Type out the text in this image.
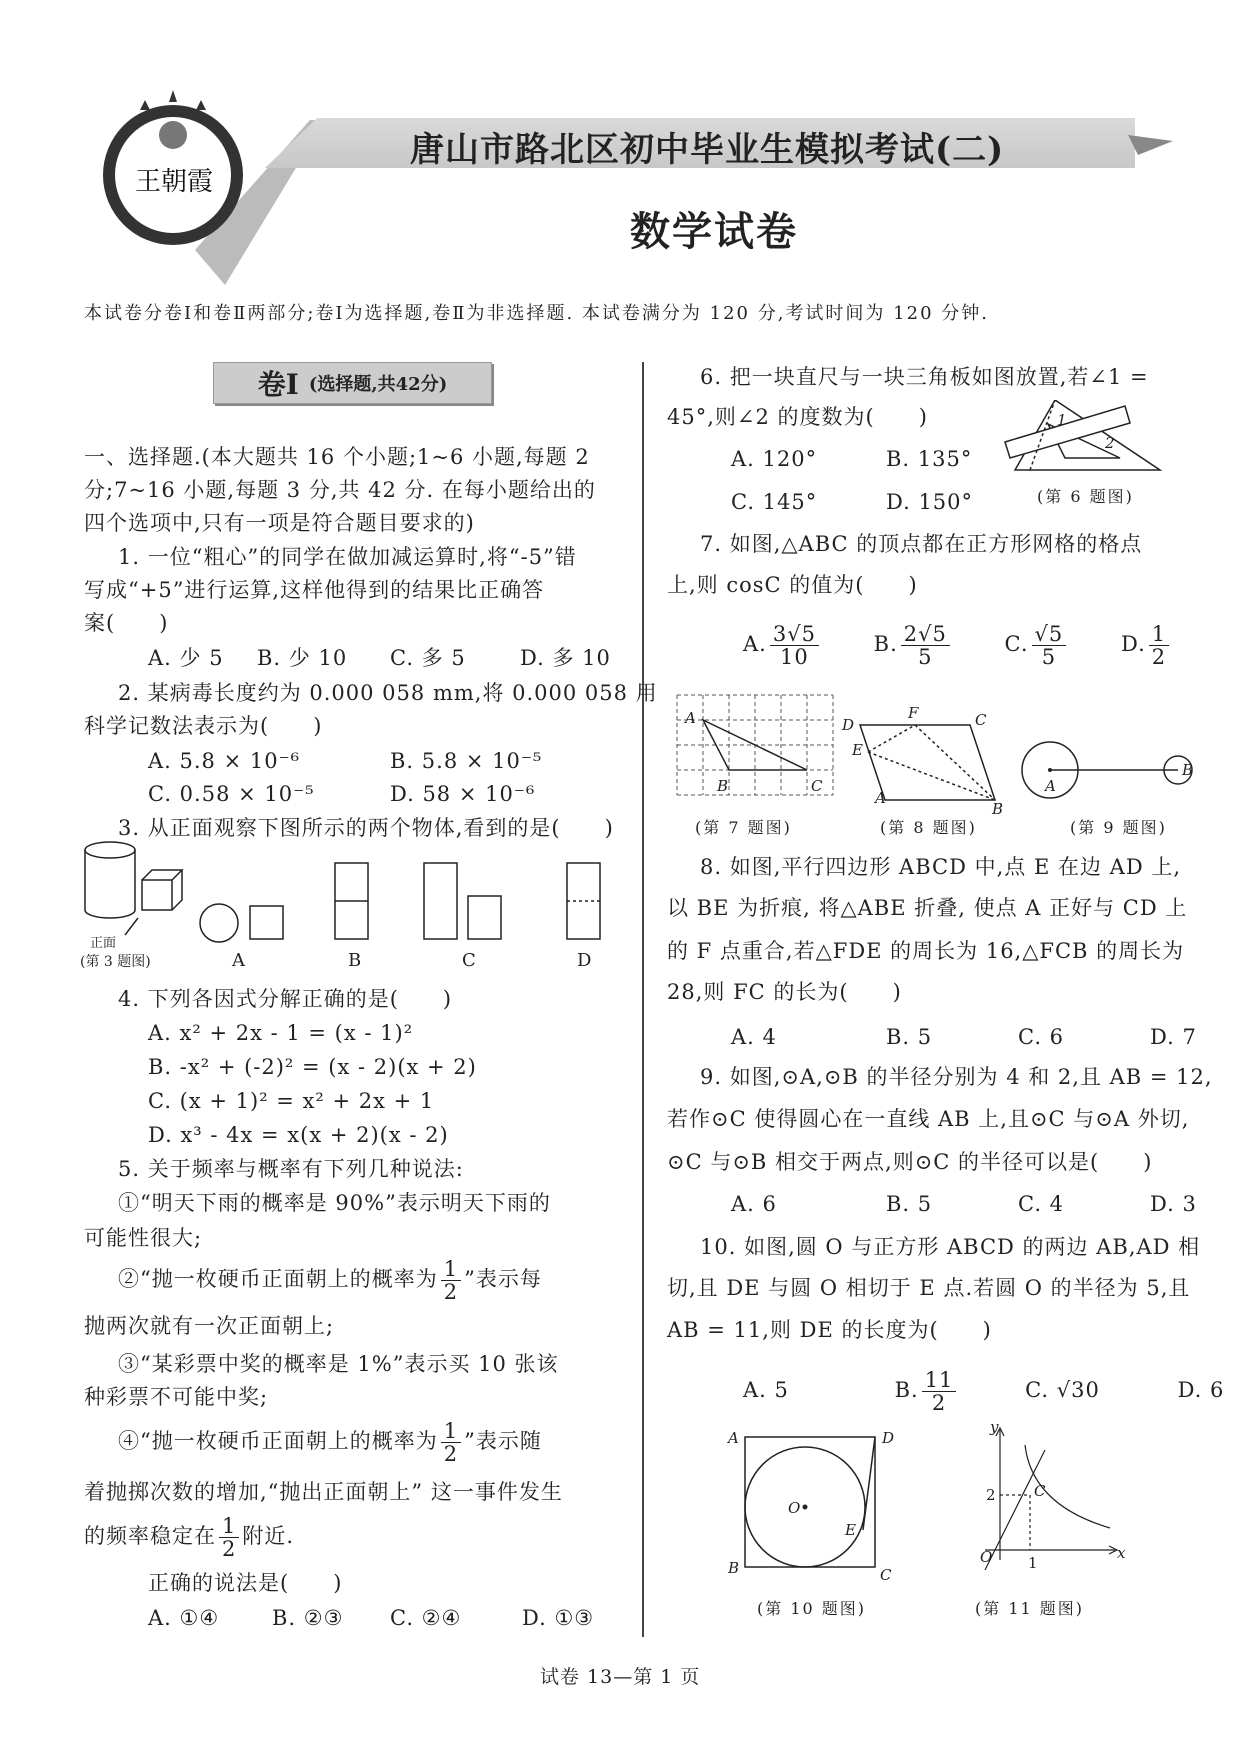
王朝霞
唐山市路北区初中毕业生模拟考试(二)
数学试卷
本试卷分卷Ⅰ和卷Ⅱ两部分;卷Ⅰ为选择题,卷Ⅱ为非选择题. 本试卷满分为 120 分,考试时间为 120 分钟.
卷Ⅰ (选择题,共42分)
一、选择题.(本大题共 16 个小题;1~6 小题,每题 2
分;7~16 小题,每题 3 分,共 42 分. 在每小题给出的
四个选项中,只有一项是符合题目要求的)
1. 一位“粗心”的同学在做加减运算时,将“-5”错
写成“+5”进行运算,这样他得到的结果比正确答
案(　　)
A. 少 5 B. 少 10 C. 多 5	D. 多 10
2. 某病毒长度约为 0.000 058 mm,将 0.000 058 用
科学记数法表示为(　　)
A. 5.8 × 10⁻⁶	B. 5.8 × 10⁻⁵
C. 0.58 × 10⁻⁵	D. 58 × 10⁻⁶
3. 从正面观察下图所示的两个物体,看到的是(　　)
正面
(第 3 题图)	A	B	C	D
4. 下列各因式分解正确的是(　　)
A. x² + 2x - 1 = (x - 1)²
B. -x² + (-2)² = (x - 2)(x + 2)
C. (x + 1)² = x² + 2x + 1
D. x³ - 4x = x(x + 2)(x - 2)
5. 关于频率与概率有下列几种说法:
①“明天下雨的概率是 90%”表示明天下雨的
可能性很大;
②“抛一枚硬币正面朝上的概率为 $\frac{1}{2}$ ”表示每
抛两次就有一次正面朝上;
③“某彩票中奖的概率是 1%”表示买 10 张该
种彩票不可能中奖;
④“抛一枚硬币正面朝上的概率为 $\frac{1}{2}$ ”表示随
着抛掷次数的增加,“抛出正面朝上” 这一事件发生
的频率稳定在 $\frac{1}{2}$ 附近.
正确的说法是(　　)
A. ①④	B. ②③ C. ②④	D. ①③
6. 把一块直尺与一块三角板如图放置,若∠1 =
45°,则∠2 的度数为(　　)
A. 120°	B. 135°
C. 145°	D. 150°
1
2
(第 6 题图)
7. 如图,△ABC 的顶点都在正方形网格的格点
上,则 cosC 的值为(　　)
A. $\frac{3√5}{10}$	B. $\frac{2√5}{5}$	C. $\frac{√5}{5}$	D. $\frac{1}{2}$
A
B	C
(第 7 题图)
D
F	C
E
A
B
(第 8 题图)
A
B
(第 9 题图)
8. 如图,平行四边形 ABCD 中,点 E 在边 AD 上,
以 BE 为折痕, 将△ABE 折叠, 使点 A 正好与 CD 上
的 F 点重合,若△FDE 的周长为 16,△FCB 的周长为
28,则 FC 的长为(　　)
A. 4	B. 5	C. 6	D. 7
9. 如图,⊙A,⊙B 的半径分别为 4 和 2,且 AB = 12,
若作⊙C 使得圆心在一直线 AB 上,且⊙C 与⊙A 外切,
⊙C 与⊙B 相交于两点,则⊙C 的半径可以是(　　)
A. 6	B. 5	C. 4	D. 3
10. 如图,圆 O 与正方形 ABCD 的两边 AB,AD 相
切,且 DE 与圆 O 相切于 E 点.若圆 O 的半径为 5,且
AB = 11,则 DE 的长度为(　　)
A. 5	B. $\frac{11}{2}$	C. √30	D. 6
A	D
O
E
B	C
(第 10 题图)
y
x
O 1
2	C
(第 11 题图)
试卷 13—第 1 页
